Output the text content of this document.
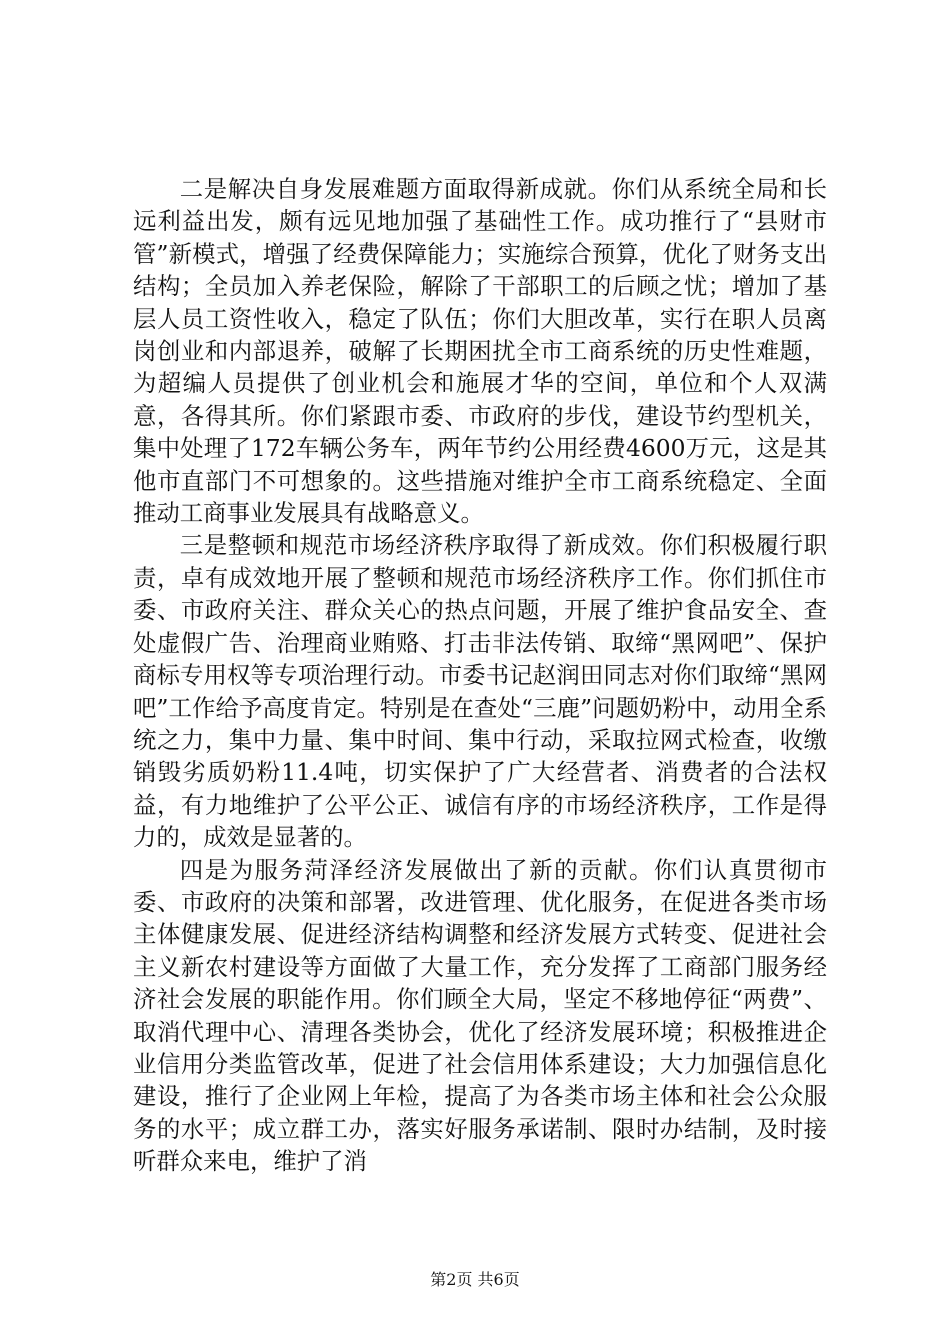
二是解决自身发展难题方面取得新成就。你们从系统全局和长远利益出发，颇有远见地加强了基础性工作。成功推行了“县财市管”新模式，增强了经费保障能力；实施综合预算，优化了财务支出结构；全员加入养老保险，解除了干部职工的后顾之忧；增加了基层人员工资性收入，稳定了队伍；你们大胆改革，实行在职人员离岗创业和内部退养，破解了长期困扰全市工商系统的历史性难题，为超编人员提供了创业机会和施展才华的空间，单位和个人双满意，各得其所。你们紧跟市委、市政府的步伐，建设节约型机关，集中处理了172车辆公务车，两年节约公用经费4600万元，这是其他市直部门不可想象的。这些措施对维护全市工商系统稳定、全面推动工商事业发展具有战略意义。

三是整顿和规范市场经济秩序取得了新成效。你们积极履行职责，卓有成效地开展了整顿和规范市场经济秩序工作。你们抓住市委、市政府关注、群众关心的热点问题，开展了维护食品安全、查处虚假广告、治理商业贿赂、打击非法传销、取缔“黑网吧”、保护商标专用权等专项治理行动。市委书记赵润田同志对你们取缔“黑网吧”工作给予高度肯定。特别是在查处“三鹿”问题奶粉中，动用全系统之力，集中力量、集中时间、集中行动，采取拉网式检查，收缴销毁劣质奶粉11.4吨，切实保护了广大经营者、消费者的合法权益，有力地维护了公平公正、诚信有序的市场经济秩序，工作是得力的，成效是显著的。

四是为服务菏泽经济发展做出了新的贡献。你们认真贯彻市委、市政府的决策和部署，改进管理、优化服务，在促进各类市场主体健康发展、促进经济结构调整和经济发展方式转变、促进社会主义新农村建设等方面做了大量工作，充分发挥了工商部门服务经济社会发展的职能作用。你们顾全大局，坚定不移地停征“两费”、取消代理中心、清理各类协会，优化了经济发展环境；积极推进企业信用分类监管改革，促进了社会信用体系建设；大力加强信息化建设，推行了企业网上年检，提高了为各类市场主体和社会公众服务的水平；成立群工办，落实好服务承诺制、限时办结制，及时接听群众来电，维护了消

第2页 共6页
